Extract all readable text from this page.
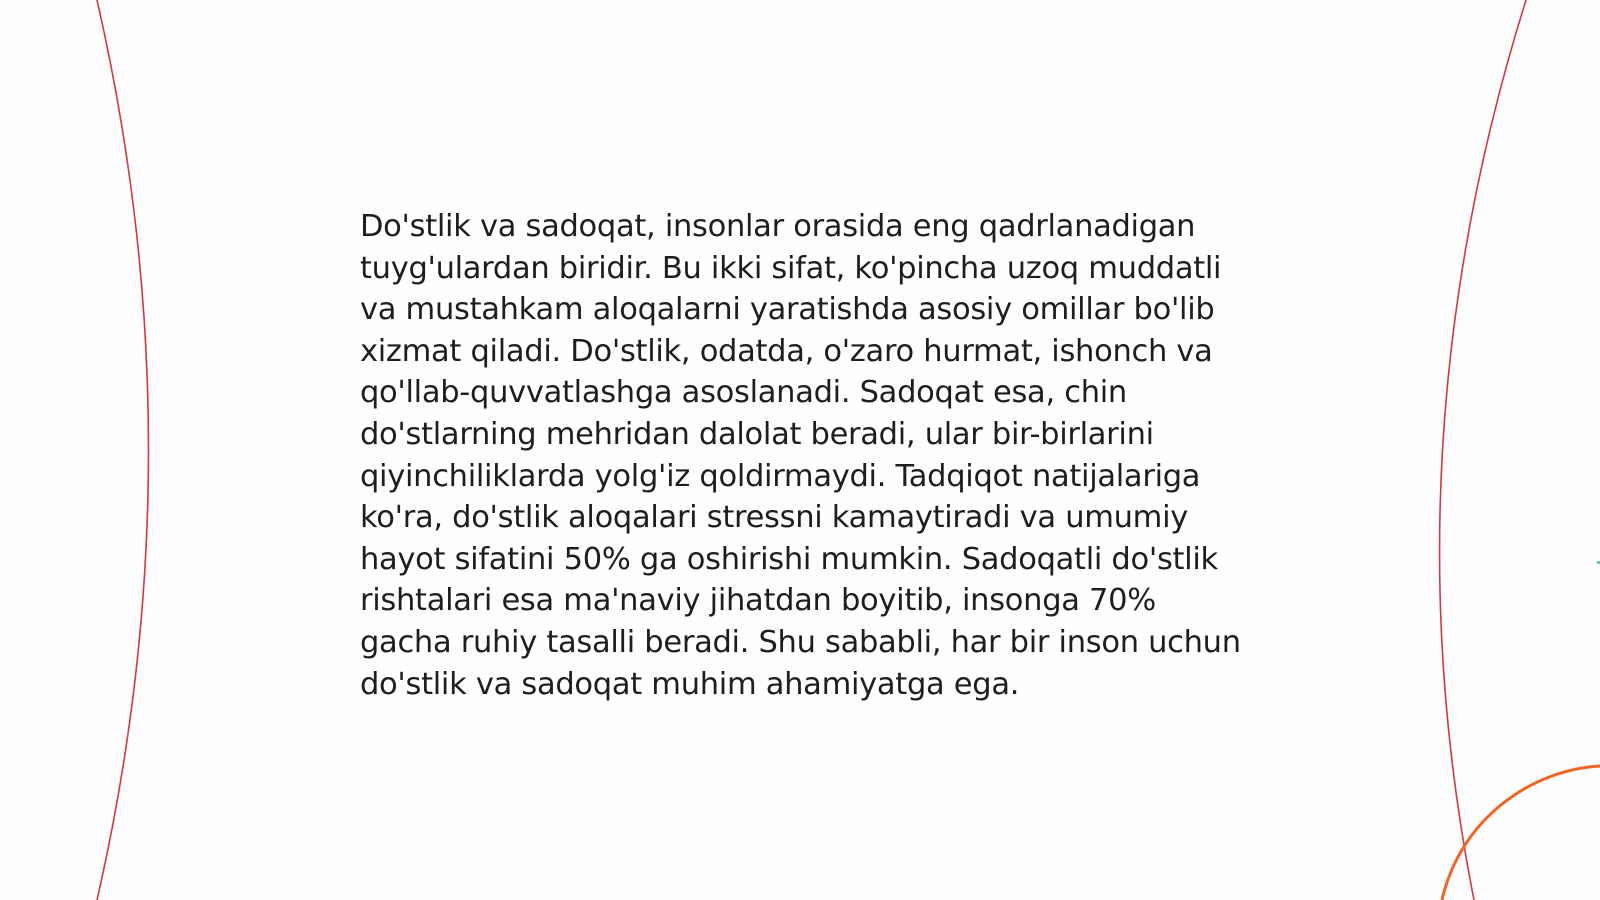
Do'stlik va sadoqat, insonlar orasida eng qadrlanadigan tuyg'ulardan biridir. Bu ikki sifat, ko'pincha uzoq muddatli va mustahkam aloqalarni yaratishda asosiy omillar bo'lib xizmat qiladi. Do'stlik, odatda, o'zaro hurmat, ishonch va qo'llab-quvvatlashga asoslanadi. Sadoqat esa, chin do'stlarning mehridan dalolat beradi, ular bir-birlarini qiyinchiliklarda yolg'iz qoldirmaydi. Tadqiqot natijalariga ko'ra, do'stlik aloqalari stressni kamaytiradi va umumiy hayot sifatini 50% ga oshirishi mumkin. Sadoqatli do'stlik rishtalari esa ma'naviy jihatdan boyitib, insonga 70% gacha ruhiy tasalli beradi. Shu sababli, har bir inson uchun do'stlik va sadoqat muhim ahamiyatga ega.
